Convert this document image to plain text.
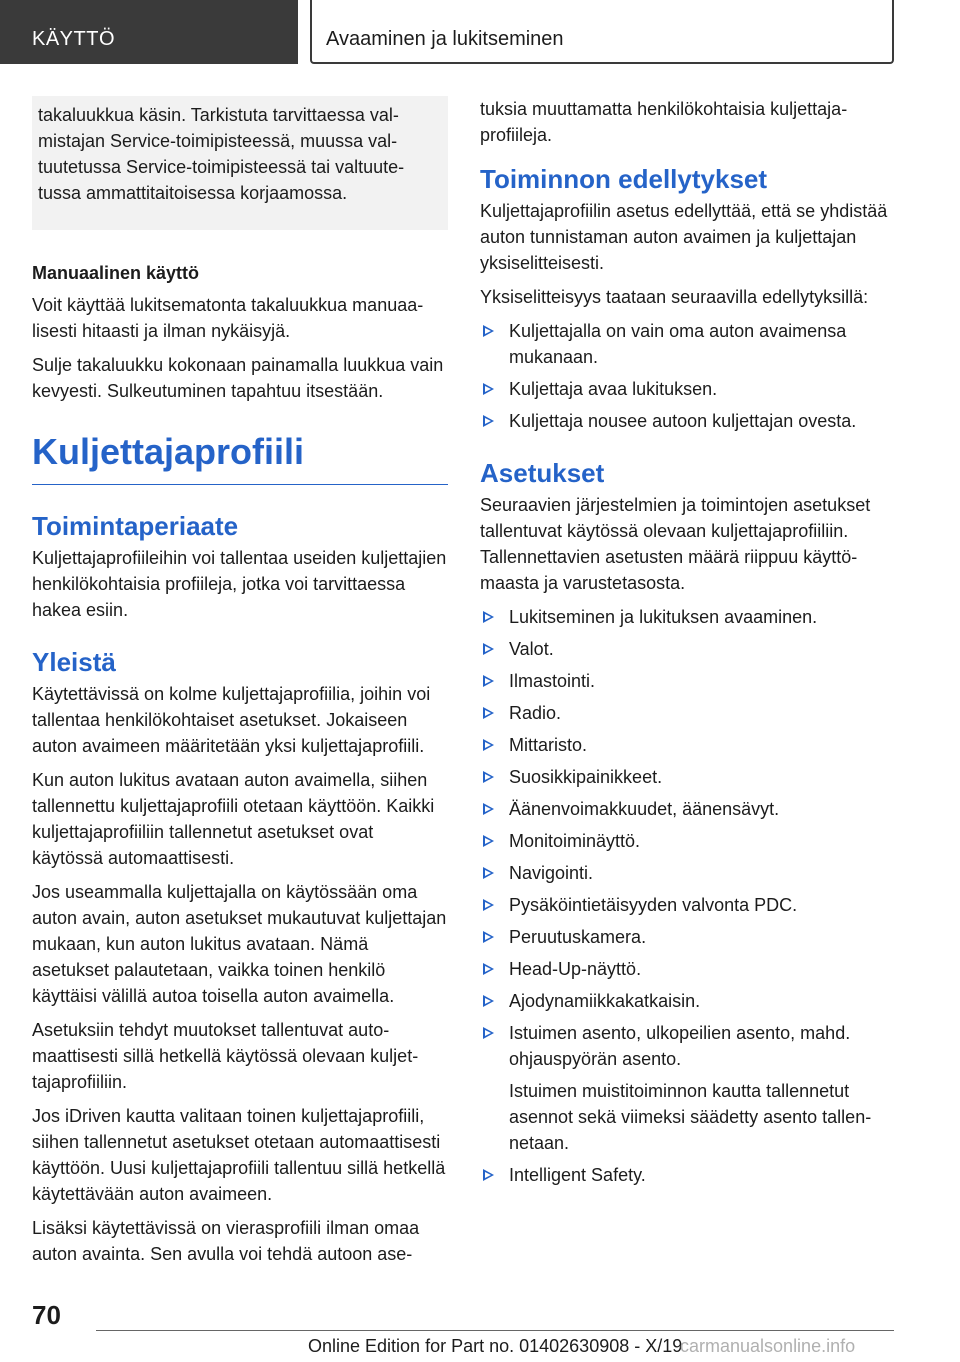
KÄYTTÖ	Avaaminen ja lukitseminen

takaluukkua käsin. Tarkistuta tarvittaessa val-

mistajan Service-toimipisteessä, muussa val-

tuutetussa Service-toimipisteessä tai valtuute-

tussa ammattitaitoisessa korjaamossa.

Manuaalinen käyttö

Voit käyttää lukitsematonta takaluukkua manuaalisesti hitaasti ja ilman nykäisyjä.

Sulje takaluukku kokonaan painamalla luukkua vain kevyesti. Sulkeutuminen tapahtuu itsestään.

Kuljettajaprofiili
Toimintaperiaate

Kuljettajaprofiileihin voi tallentaa useiden kuljettajien henkilökohtaisia profiileja, jotka voi tarvittaessa hakea esiin.

Yleistä

Käytettävissä on kolme kuljettajaprofiilia, joihin voi tallentaa henkilökohtaiset asetukset. Jokaiseen auton avaimeen määritetään yksi kuljettajaprofiili.

Kun auton lukitus avataan auton avaimella, siihen tallennettu kuljettajaprofiili otetaan käyttöön. Kaikki kuljettajaprofiiliin tallennetut asetukset ovat käytössä automaattisesti.

Jos useammalla kuljettajalla on käytössään oma auton avain, auton asetukset mukautuvat kuljettajan mukaan, kun auton lukitus avataan. Nämä asetukset palautetaan, vaikka toinen henkilö käyttäisi välillä autoa toisella auton avaimella.

Asetuksiin tehdyt muutokset tallentuvat automaattisesti sillä hetkellä käytössä olevaan kuljettajaprofiiliin.

Jos iDriven kautta valitaan toinen kuljettajaprofiili, siihen tallennetut asetukset otetaan automaattisesti käyttöön. Uusi kuljettajaprofiili tallentuu sillä hetkellä käytettävään auton avaimeen.

Lisäksi käytettävissä on vierasprofiili ilman omaa auton avainta. Sen avulla voi tehdä autoon ase-

tuksia muuttamatta henkilökohtaisia kuljettajaprofiileja.

Toiminnon edellytykset

Kuljettajaprofiilin asetus edellyttää, että se yhdistää auton tunnistaman auton avaimen ja kuljettajan yksiselitteisesti.

Yksiselitteisyys taataan seuraavilla edellytyksillä:

Kuljettajalla on vain oma auton avaimensa mukanaan.
Kuljettaja avaa lukituksen.
Kuljettaja nousee autoon kuljettajan ovesta.
Asetukset

Seuraavien järjestelmien ja toimintojen asetukset tallentuvat käytössä olevaan kuljettajaprofiiliin. Tallennettavien asetusten määrä riippuu käyttömaasta ja varustetasosta.

Lukitseminen ja lukituksen avaaminen.
Valot.
Ilmastointi.
Radio.
Mittaristo.
Suosikkipainikkeet.
Äänenvoimakkuudet, äänensävyt.
Monitoiminäyttö.
Navigointi.
Pysäköintietäisyyden valvonta PDC.
Peruutuskamera.
Head-Up-näyttö.
Ajodynamiikkakatkaisin.
Istuimen asento, ulkopeilien asento, mahd. ohjauspyörän asento.

Istuimen muistitoiminnon kautta tallennetut asennot sekä viimeksi säädetty asento tallennetaan.

Intelligent Safety.
70
Online Edition for Part no. 01402630908 - X/19
carmanualsonline.info
